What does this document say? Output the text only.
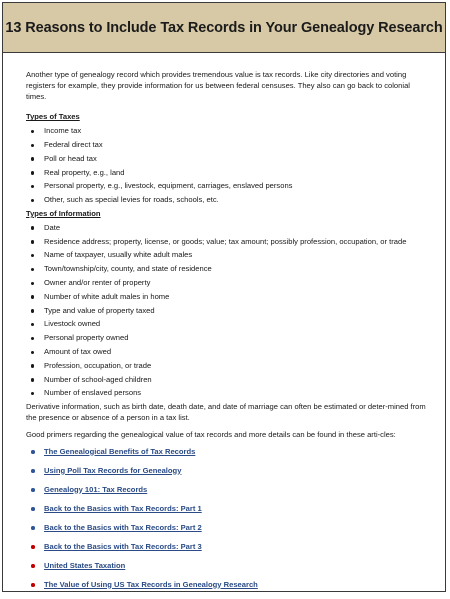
13 Reasons to Include Tax Records in Your Genealogy Research

Another type of genealogy record which provides tremendous value is tax records. Like city directories and voting registers for example, they provide information for us between federal censuses. They also can go back to colonial times.

Types of Taxes

Income tax
Federal direct tax
Poll or head tax
Real property, e.g., land
Personal property, e.g., livestock, equipment, carriages, enslaved persons
Other, such as special levies for roads, schools, etc.

Types of Information

Date
Residence address; property, license, or goods; value; tax amount; possibly profession, occupation, or trade
Name of taxpayer, usually white adult males
Town/township/city, county, and state of residence
Owner and/or renter of property
Number of white adult males in home
Type and value of property taxed
Livestock owned
Personal property owned
Amount of tax owed
Profession, occupation, or trade
Number of school-aged children
Number of enslaved persons

Derivative information, such as birth date, death date, and date of marriage can often be estimated or deter-mined from the presence or absence of a person in a tax list.

Good primers regarding the genealogical value of tax records and more details can be found in these arti-cles:

The Genealogical Benefits of Tax Records
Using Poll Tax Records for Genealogy
Genealogy 101: Tax Records
Back to the Basics with Tax Records: Part 1
Back to the Basics with Tax Records: Part 2
Back to the Basics with Tax Records: Part 3
United States Taxation
The Value of Using US Tax Records in Genealogy Research
